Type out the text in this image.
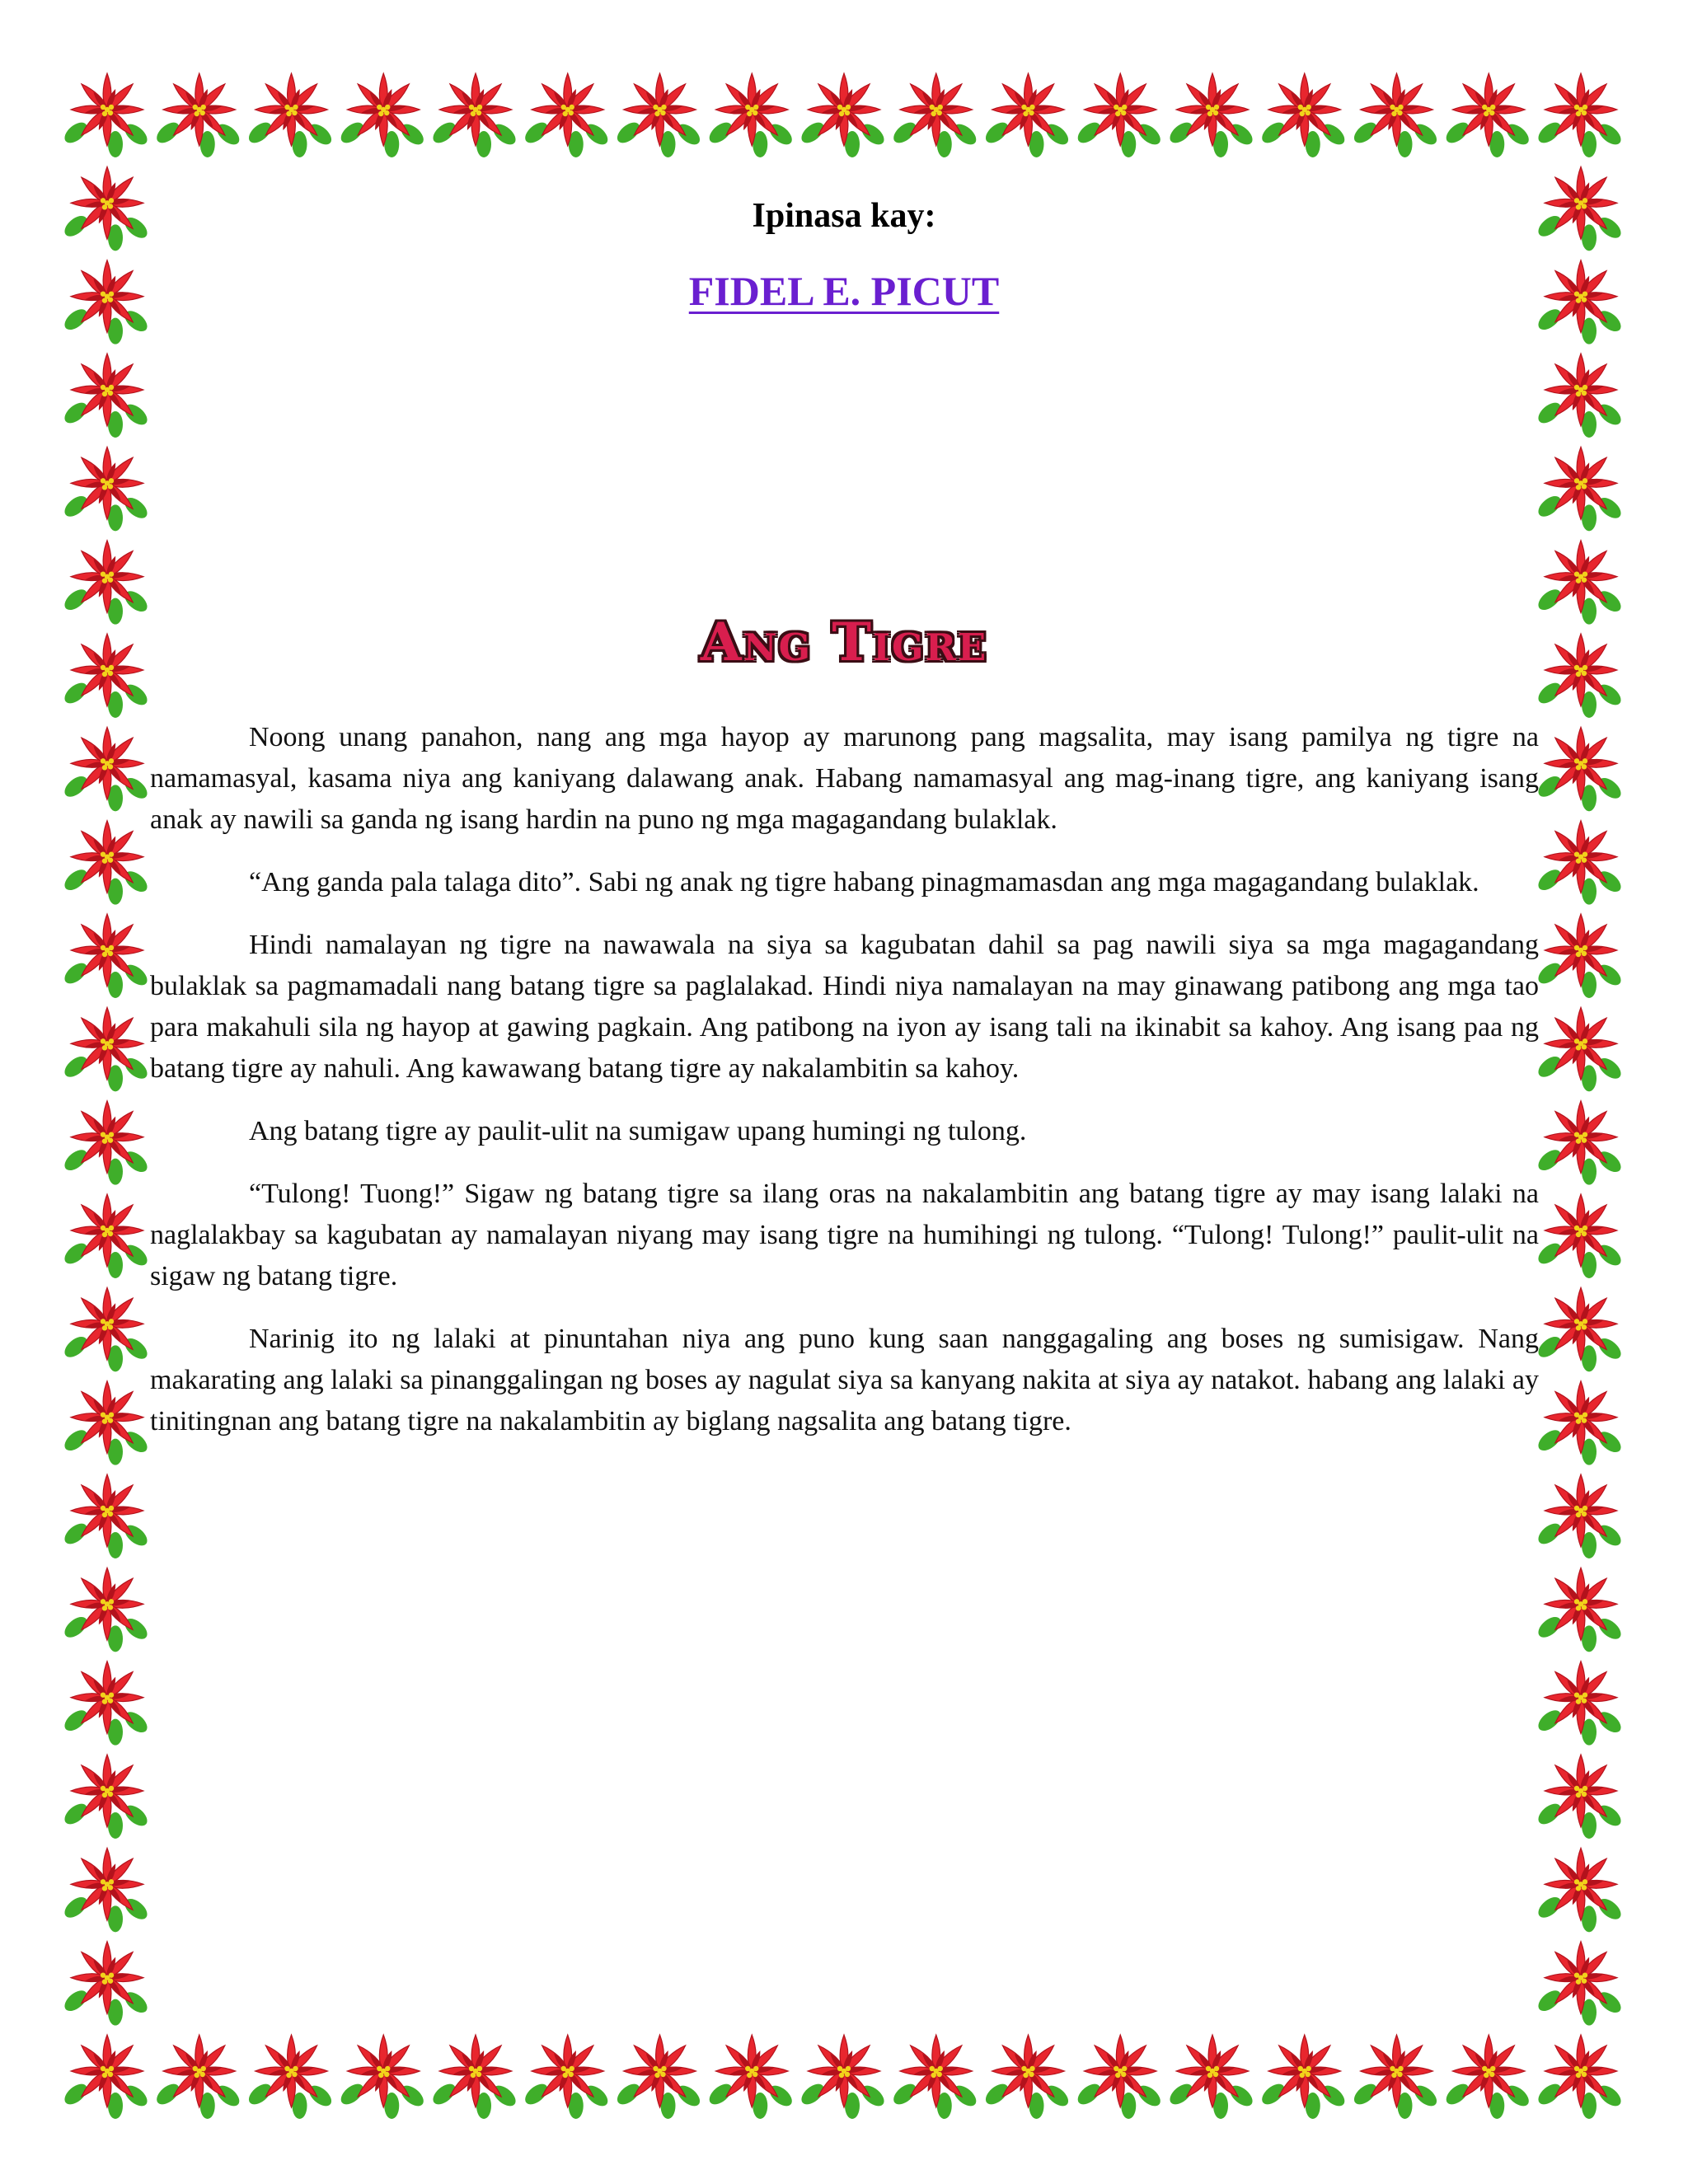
Ipinasa kay:
FIDEL E. PICUT
Ang Tigre

Noong unang panahon, nang ang mga hayop ay marunong pang magsalita, may isang pamilya ng tigre na namamasyal, kasama niya ang kaniyang dalawang anak. Habang namamasyal ang mag-inang tigre, ang kaniyang isang anak ay nawili sa ganda ng isang hardin na puno ng mga magagandang bulaklak.

“Ang ganda pala talaga dito”. Sabi ng anak ng tigre habang pinagmamasdan ang mga magagandang bulaklak.

Hindi namalayan ng tigre na nawawala na siya sa kagubatan dahil sa pag nawili siya sa mga magagandang bulaklak sa pagmamadali nang batang tigre sa paglalakad. Hindi niya namalayan na may ginawang patibong ang mga tao para makahuli sila ng hayop at gawing pagkain. Ang patibong na iyon ay isang tali na ikinabit sa kahoy. Ang isang paa ng batang tigre ay nahuli. Ang kawawang batang tigre ay nakalambitin sa kahoy.

Ang batang tigre ay paulit-ulit na sumigaw upang humingi ng tulong.

“Tulong! Tuong!” Sigaw ng batang tigre sa ilang oras na nakalambitin ang batang tigre ay may isang lalaki na naglalakbay sa kagubatan ay namalayan niyang may isang tigre na humihingi ng tulong. “Tulong! Tulong!” paulit-ulit na sigaw ng batang tigre.

Narinig ito ng lalaki at pinuntahan niya ang puno kung saan nanggagaling ang boses ng sumisigaw. Nang makarating ang lalaki sa pinanggalingan ng boses ay nagulat siya sa kanyang nakita at siya ay natakot. habang ang lalaki ay tinitingnan ang batang tigre na nakalambitin ay biglang nagsalita ang batang tigre.
